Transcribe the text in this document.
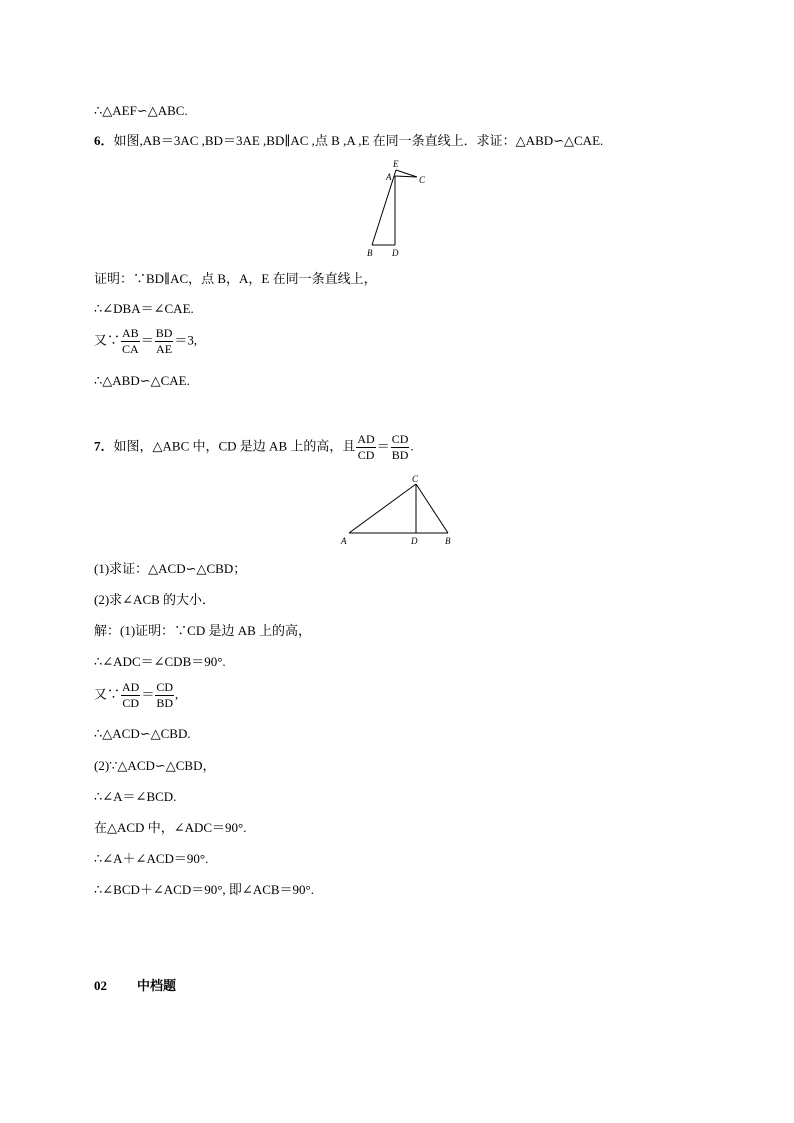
∴△AEF∽△ABC.
6．如图,AB＝3AC ,BD＝3AE ,BD∥AC ,点 B ,A ,E 在同一条直线上．求证：△ABD∽△CAE.
E
A	C
B D
证明：∵BD∥AC，点 B，A，E 在同一条直线上，
∴∠DBA＝∠CAE.
又∵ $\frac{AB}{CA} = \frac{BD}{AE} =3$,
∴△ABD∽△CAE.
7．如图，△ABC 中，CD 是边 AB 上的高，且 $\frac{AD}{CD} = \frac{CD}{BD}$ .
C
A	D	B
(1)求证：△ACD∽△CBD；
(2)求∠ACB 的大小．
解：(1)证明：∵CD 是边 AB 上的高，
∴∠ADC＝∠CDB＝90°.
又∵ $\frac{AD}{CD} = \frac{CD}{BD}$ ,
∴△ACD∽△CBD.
(2)∵△ACD∽△CBD，
∴∠A＝∠BCD.
在△ACD 中，∠ADC＝90°.
∴∠A＋∠ACD＝90°.
∴∠BCD＋∠ACD＝90°, 即∠ACB＝90°.
02 中档题
